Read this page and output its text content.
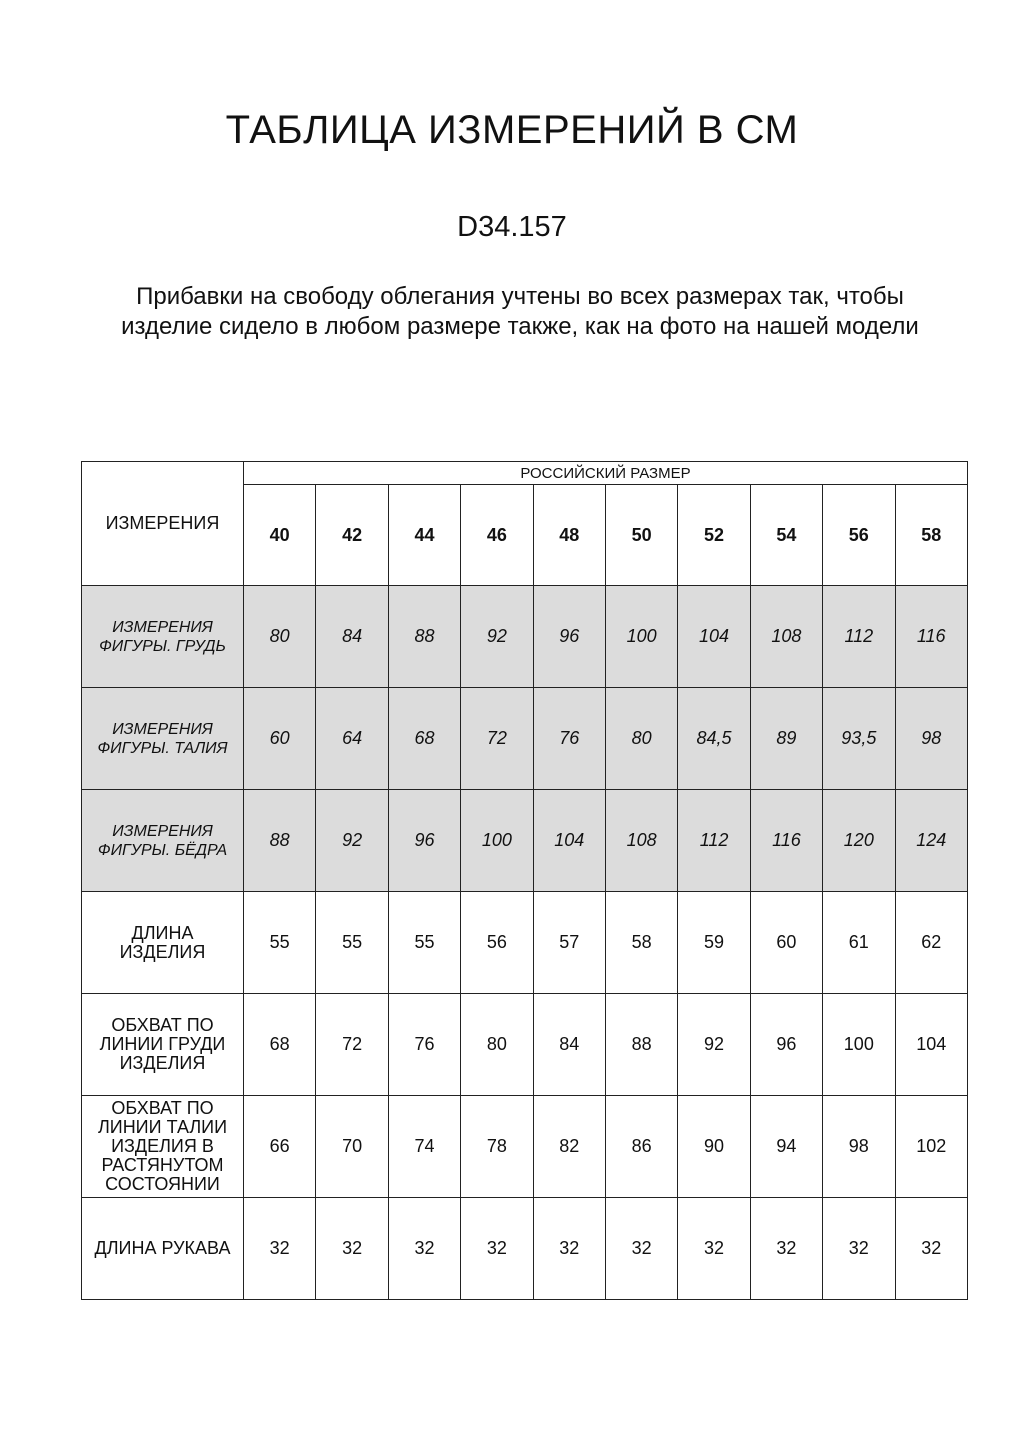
ТАБЛИЦА ИЗМЕРЕНИЙ В СМ
D34.157
Прибавки на свободу облегания учтены во всех размерах так, чтобы изделие сидело в любом размере также, как на фото на нашей модели
ИЗМЕРЕНИЯ	РОССИЙСКИЙ РАЗМЕР									
	40	42	44	46	48	50	52	54	56	58
ИЗМЕРЕНИЯ ФИГУРЫ. ГРУДЬ	80	84	88	92	96	100	104	108	112	116
ИЗМЕРЕНИЯ ФИГУРЫ. ТАЛИЯ	60	64	68	72	76	80	84,5	89	93,5	98
ИЗМЕРЕНИЯ ФИГУРЫ. БЁДРА	88	92	96	100	104	108	112	116	120	124
ДЛИНА ИЗДЕЛИЯ	55	55	55	56	57	58	59	60	61	62
ОБХВАТ ПО ЛИНИИ ГРУДИ ИЗДЕЛИЯ	68	72	76	80	84	88	92	96	100	104
ОБХВАТ ПО ЛИНИИ ТАЛИИ ИЗДЕЛИЯ В РАСТЯНУТОМ СОСТОЯНИИ	66	70	74	78	82	86	90	94	98	102
ДЛИНА РУКАВА	32	32	32	32	32	32	32	32	32	32
